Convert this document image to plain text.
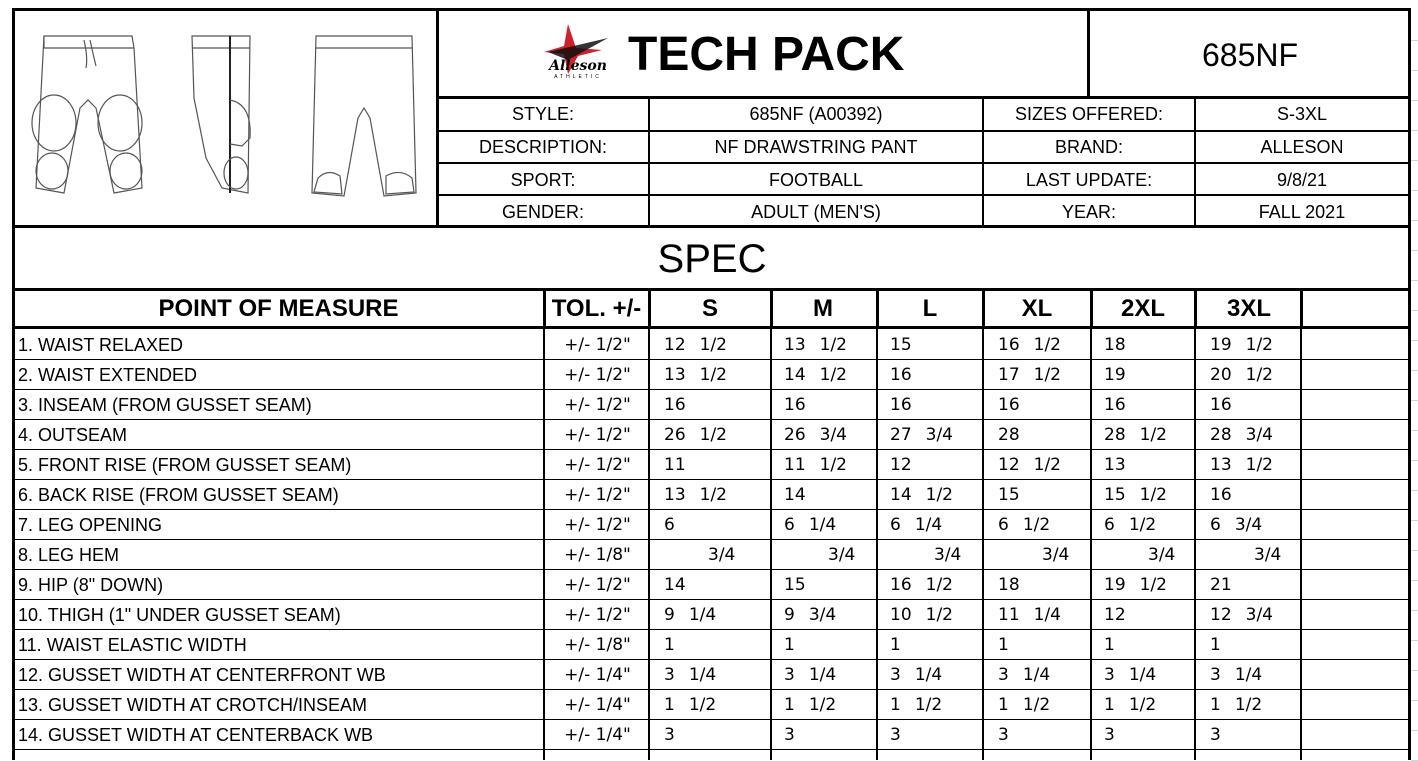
Alleson
ATHLETIC TECH PACK	685NF
STYLE:	685NF (A00392)	SIZES OFFERED:	S-3XL
DESCRIPTION:	NF DRAWSTRING PANT	BRAND:	ALLESON
SPORT:	FOOTBALL	LAST UPDATE:	9/8/21
GENDER:	ADULT (MEN'S)	YEAR:	FALL 2021
SPEC
POINT OF MEASURE	TOL. +/-	S	M	L	XL	2XL	3XL
1. WAIST RELAXED	+/- 1/2"	12 1/2	13 1/2	15	16 1/2	18	19 1/2
2. WAIST EXTENDED	+/- 1/2"	13 1/2	14 1/2	16	17 1/2	19	20 1/2
3. INSEAM (FROM GUSSET SEAM)	+/- 1/2"	16	16	16	16	16	16
4. OUTSEAM	+/- 1/2"	26 1/2	26 3/4	27 3/4	28	28 1/2	28 3/4
5. FRONT RISE (FROM GUSSET SEAM)	+/- 1/2"	11	11 1/2	12	12 1/2	13	13 1/2
6. BACK RISE (FROM GUSSET SEAM)	+/- 1/2"	13 1/2	14	14 1/2	15	15 1/2	16
7. LEG OPENING	+/- 1/2"	6	6 1/4	6 1/4	6 1/2	6 1/2	6 3/4
8. LEG HEM	+/- 1/8"	3/4	3/4	3/4	3/4	3/4	3/4
9. HIP (8" DOWN)	+/- 1/2"	14	15	16 1/2	18	19 1/2	21
10. THIGH (1" UNDER GUSSET SEAM)	+/- 1/2"	9 1/4	9 3/4	10 1/2	11 1/4	12	12 3/4
11. WAIST ELASTIC WIDTH	+/- 1/8"	1	1	1	1	1	1
12. GUSSET WIDTH AT CENTERFRONT WB	+/- 1/4"	3 1/4	3 1/4	3 1/4	3 1/4	3 1/4	3 1/4
13. GUSSET WIDTH AT CROTCH/INSEAM	+/- 1/4"	1 1/2	1 1/2	1 1/2	1 1/2	1 1/2	1 1/2
14. GUSSET WIDTH AT CENTERBACK WB	+/- 1/4"	3	3	3	3	3	3
